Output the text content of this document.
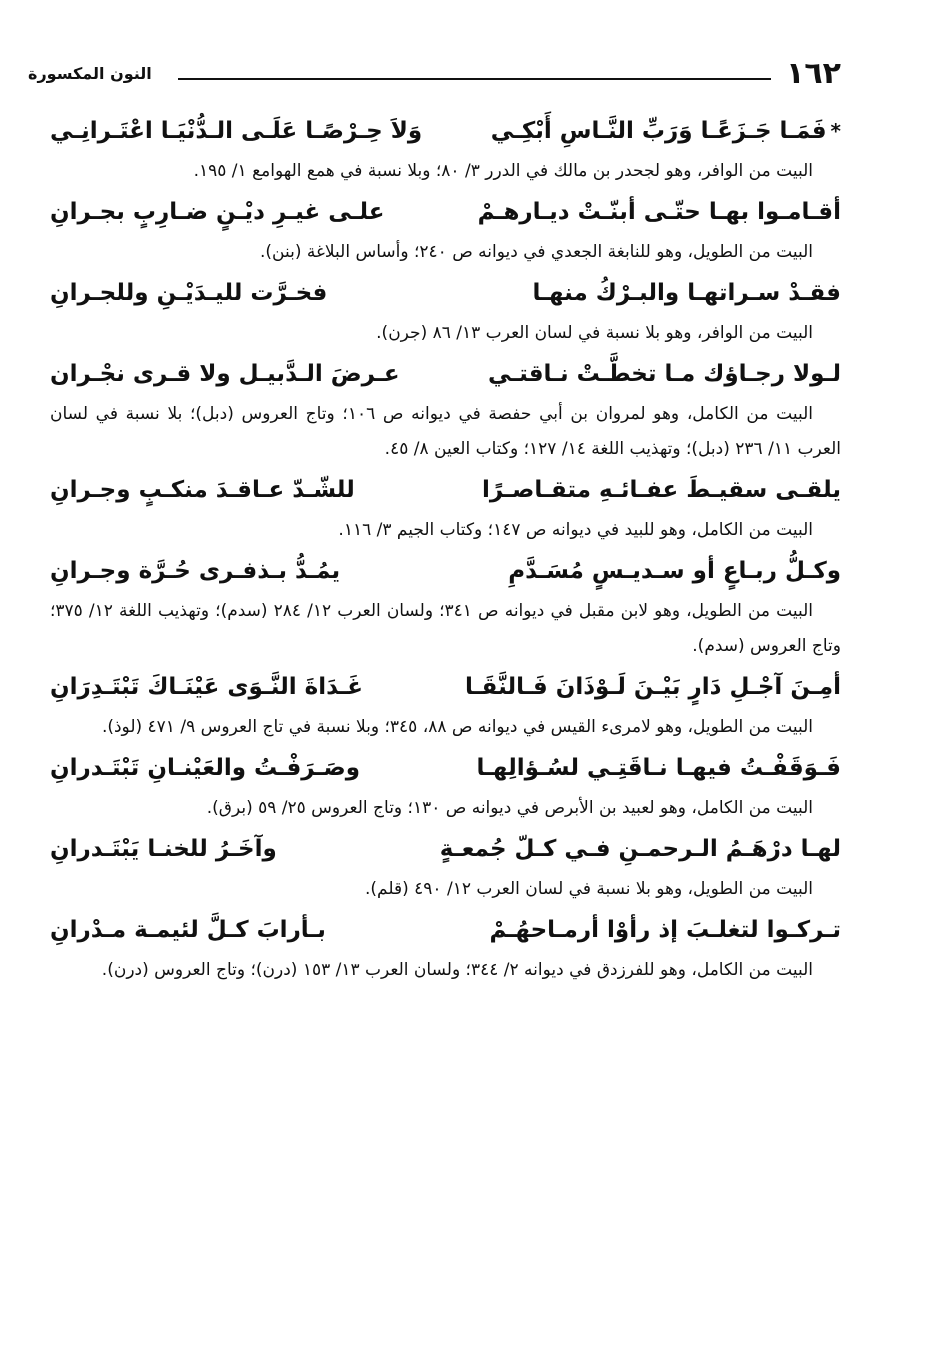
١٦٢
النون المكسورة
*فَمَـا جَـزَعًـا وَرَبِّ النَّـاسِ أَبْكِـي
وَلاَ حِـرْصًـا عَلَـى الـدُّنْيَـا اعْتَـرانِـي
البيت من الوافر، وهو لجحدر بن مالك في الدرر ٣/ ٨٠؛ وبلا نسبة في همع الهوامع ١/ ١٩٥.
أقـامـوا بهـا حتّـى أبنّـتْ ديـارهـمْ
علـى غيـرِ ديْـنٍ ضـارِبٍ بجـرانِ
البيت من الطويل، وهو للنابغة الجعدي في ديوانه ص ٢٤٠؛ وأساس البلاغة (بنن).
فقـدْ سـراتهـا والبـرْكُ منهـا
فخـرَّت لليـدَيْـنِ وللجـرانِ
البيت من الوافر، وهو بلا نسبة في لسان العرب ١٣/ ٨٦ (جرن).
لـولا رجـاؤك مـا تخطَّـتْ نـاقتـي
عـرضَ الـدَّبيـل ولا قـرى نجْـران
البيت من الكامل، وهو لمروان بن أبي حفصة في ديوانه ص ١٠٦؛ وتاج العروس (دبل)؛ بلا نسبة في لسان العرب ١١/ ٢٣٦ (دبل)؛ وتهذيب اللغة ١٤/ ١٢٧؛ وكتاب العين ٨/ ٤٥.
يلقـى سقيـطَ عفـائـهِ متقـاصـرًا
للشّـدّ عـاقـدَ منكـبٍ وجـرانِ
البيت من الكامل، وهو للبيد في ديوانه ص ١٤٧؛ وكتاب الجيم ٣/ ١١٦.
وكـلُّ ربـاعٍ أو سـديـسٍ مُسَـدَّمِ
يمُـدُّ بـذفـرى حُـرَّة وجـرانِ
البيت من الطويل، وهو لابن مقبل في ديوانه ص ٣٤١؛ ولسان العرب ١٢/ ٢٨٤ (سدم)؛ وتهذيب اللغة ١٢/ ٣٧٥؛ وتاج العروس (سدم).
أمِـنَ آجْـلِ دَارٍ بَيْـنَ لَـوْذَانَ فَـالنَّقَـا
غَـدَاةَ النَّـوَى عَيْنَـاكَ تَبْتَـدِرَانِ
البيت من الطويل، وهو لامرىء القيس في ديوانه ص ٨٨، ٣٤٥؛ وبلا نسبة في تاج العروس ٩/ ٤٧١ (لوذ).
فَـوَقَفْـتُ فيهـا نـاقَتِـي لسُـؤالِهـا
وصَـرَفْـتُ والعَيْنـانِ تَبْتَـدرانِ
البيت من الكامل، وهو لعبيد بن الأبرص في ديوانه ص ١٣٠؛ وتاج العروس ٢٥/ ٥٩ (برق).
لهـا درْهَـمُ الـرحمـنِ فـي كـلّ جُمعـةٍ
وآخَـرُ للخنـا يَبْتَـدرانِ
البيت من الطويل، وهو بلا نسبة في لسان العرب ١٢/ ٤٩٠ (قلم).
تـركـوا لتغلـبَ إذ رأوْا أرمـاحهُـمْ
بـأرابَ كـلَّ لئيمـة مـدْرانِ
البيت من الكامل، وهو للفرزدق في ديوانه ٢/ ٣٤٤؛ ولسان العرب ١٣/ ١٥٣ (درن)؛ وتاج العروس (درن).
